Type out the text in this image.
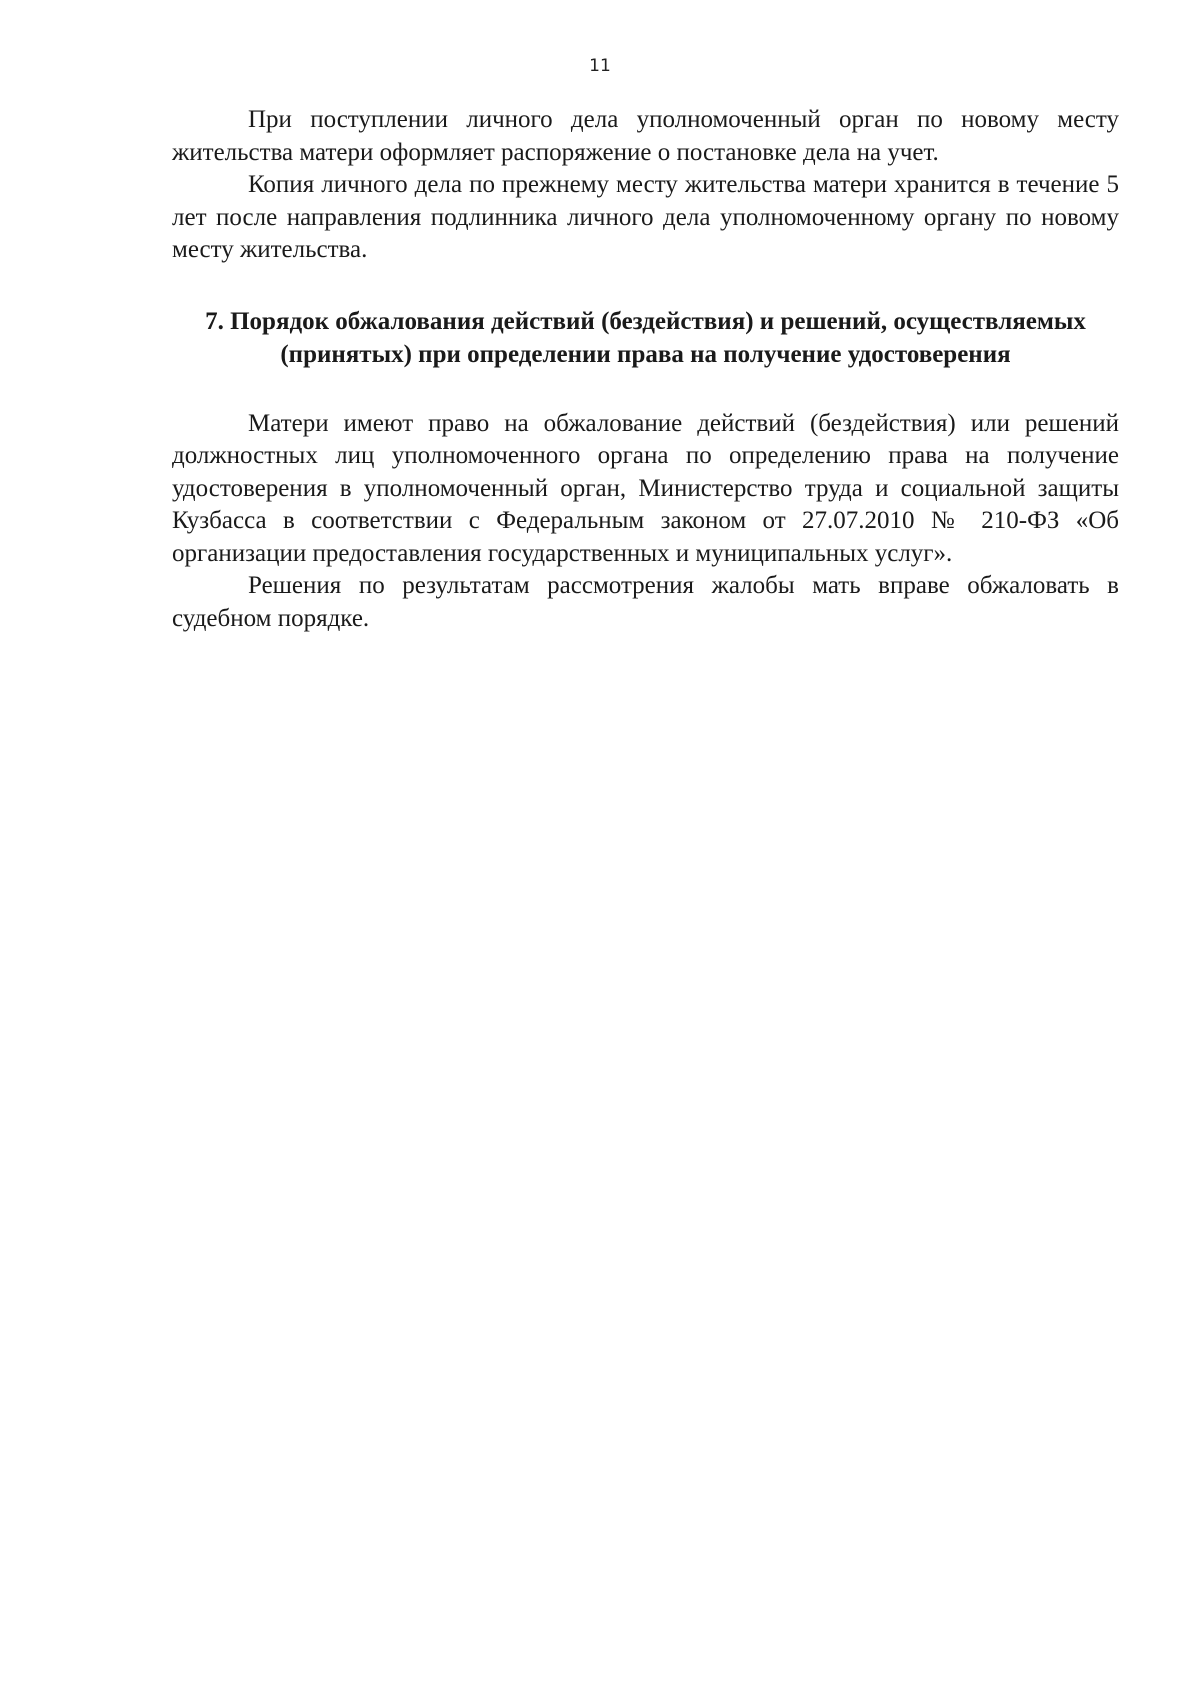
11

При поступлении личного дела уполномоченный орган по новому месту жительства матери оформляет распоряжение о постановке дела на учет.

Копия личного дела по прежнему месту жительства матери хранится в течение 5 лет после направления подлинника личного дела уполномоченному органу по новому месту жительства.

7. Порядок обжалования действий (бездействия) и решений, осуществляемых (принятых) при определении права на получение удостоверения

Матери имеют право на обжалование действий (бездействия) или решений должностных лиц уполномоченного органа по определению права на получение удостоверения в уполномоченный орган, Министерство труда и социальной защиты Кузбасса в соответствии с Федеральным законом от 27.07.2010 № 210-ФЗ «Об организации предоставления государственных и муниципальных услуг».

Решения по результатам рассмотрения жалобы мать вправе обжаловать в судебном порядке.
